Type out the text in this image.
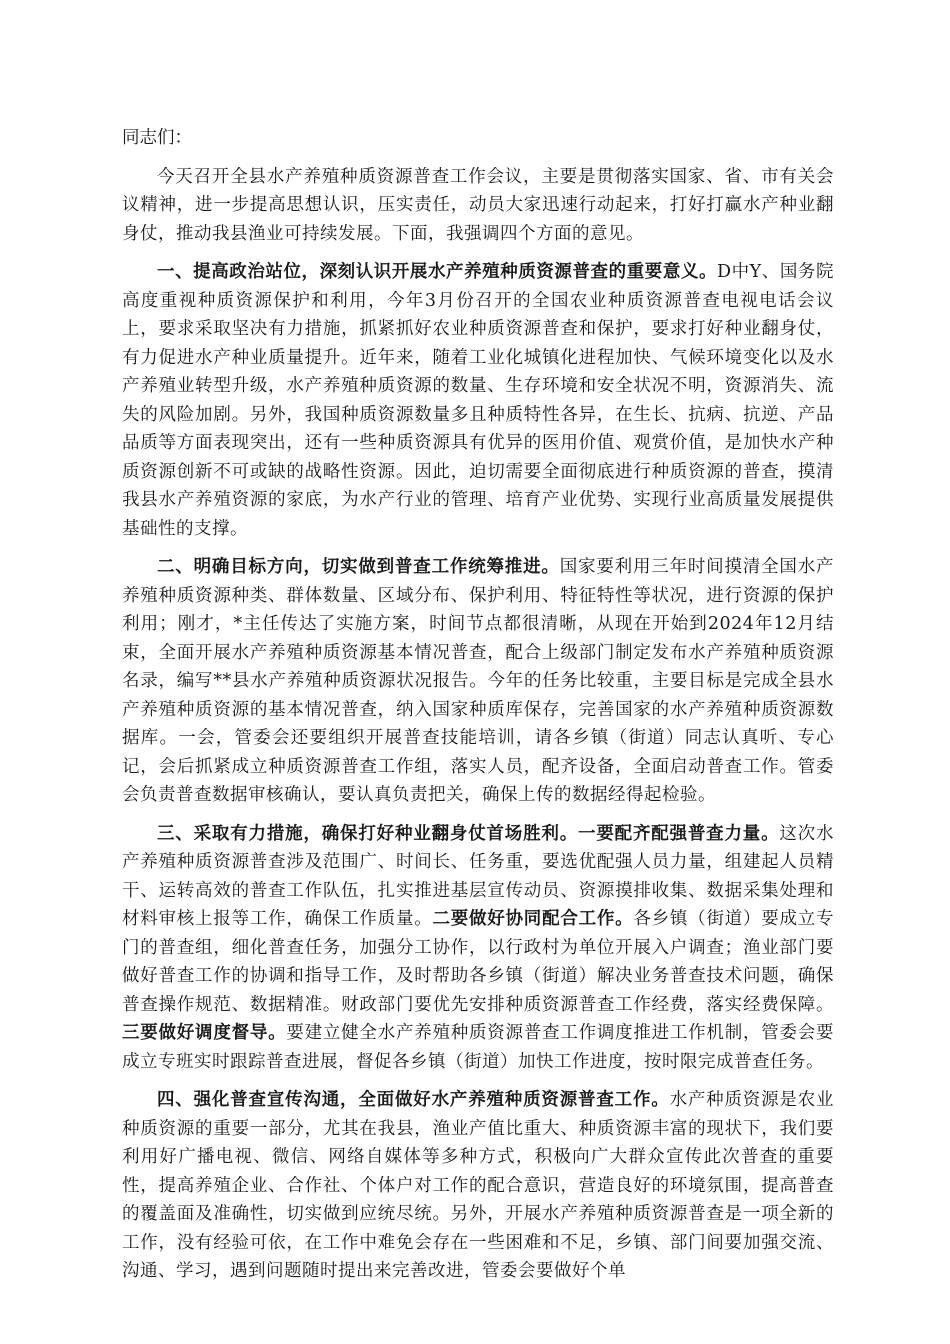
同志们：

今天召开全县水产养殖种质资源普查工作会议，主要是贯彻落实国家、省、市有关会议精神，进一步提高思想认识，压实责任，动员大家迅速行动起来，打好打赢水产种业翻身仗，推动我县渔业可持续发展。下面，我强调四个方面的意见。

一、提高政治站位，深刻认识开展水产养殖种质资源普查的重要意义。D中Y、国务院高度重视种质资源保护和利用，今年3月份召开的全国农业种质资源普查电视电话会议上，要求采取坚决有力措施，抓紧抓好农业种质资源普查和保护，要求打好种业翻身仗，有力促进水产种业质量提升。近年来，随着工业化城镇化进程加快、气候环境变化以及水产养殖业转型升级，水产养殖种质资源的数量、生存环境和安全状况不明，资源消失、流失的风险加剧。另外，我国种质资源数量多且种质特性各异，在生长、抗病、抗逆、产品品质等方面表现突出，还有一些种质资源具有优异的医用价值、观赏价值，是加快水产种质资源创新不可或缺的战略性资源。因此，迫切需要全面彻底进行种质资源的普查，摸清我县水产养殖资源的家底，为水产行业的管理、培育产业优势、实现行业高质量发展提供基础性的支撑。

二、明确目标方向，切实做到普查工作统筹推进。国家要利用三年时间摸清全国水产养殖种质资源种类、群体数量、区域分布、保护利用、特征特性等状况，进行资源的保护利用；刚才，*主任传达了实施方案，时间节点都很清晰，从现在开始到2024年12月结束，全面开展水产养殖种质资源基本情况普查，配合上级部门制定发布水产养殖种质资源名录，编写**县水产养殖种质资源状况报告。今年的任务比较重，主要目标是完成全县水产养殖种质资源的基本情况普查，纳入国家种质库保存，完善国家的水产养殖种质资源数据库。一会，管委会还要组织开展普查技能培训，请各乡镇（街道）同志认真听、专心记，会后抓紧成立种质资源普查工作组，落实人员，配齐设备，全面启动普查工作。管委会负责普查数据审核确认，要认真负责把关，确保上传的数据经得起检验。

三、采取有力措施，确保打好种业翻身仗首场胜利。一要配齐配强普查力量。这次水产养殖种质资源普查涉及范围广、时间长、任务重，要选优配强人员力量，组建起人员精干、运转高效的普查工作队伍，扎实推进基层宣传动员、资源摸排收集、数据采集处理和材料审核上报等工作，确保工作质量。二要做好协同配合工作。各乡镇（街道）要成立专门的普查组，细化普查任务，加强分工协作，以行政村为单位开展入户调查；渔业部门要做好普查工作的协调和指导工作，及时帮助各乡镇（街道）解决业务普查技术问题，确保普查操作规范、数据精准。财政部门要优先安排种质资源普查工作经费，落实经费保障。三要做好调度督导。要建立健全水产养殖种质资源普查工作调度推进工作机制，管委会要成立专班实时跟踪普查进展，督促各乡镇（街道）加快工作进度，按时限完成普查任务。

四、强化普查宣传沟通，全面做好水产养殖种质资源普查工作。水产种质资源是农业种质资源的重要一部分，尤其在我县，渔业产值比重大、种质资源丰富的现状下，我们要利用好广播电视、微信、网络自媒体等多种方式，积极向广大群众宣传此次普查的重要性，提高养殖企业、合作社、个体户对工作的配合意识，营造良好的环境氛围，提高普查的覆盖面及准确性，切实做到应统尽统。另外，开展水产养殖种质资源普查是一项全新的工作，没有经验可依，在工作中难免会存在一些困难和不足，乡镇、部门间要加强交流、沟通、学习，遇到问题随时提出来完善改进，管委会要做好个单
